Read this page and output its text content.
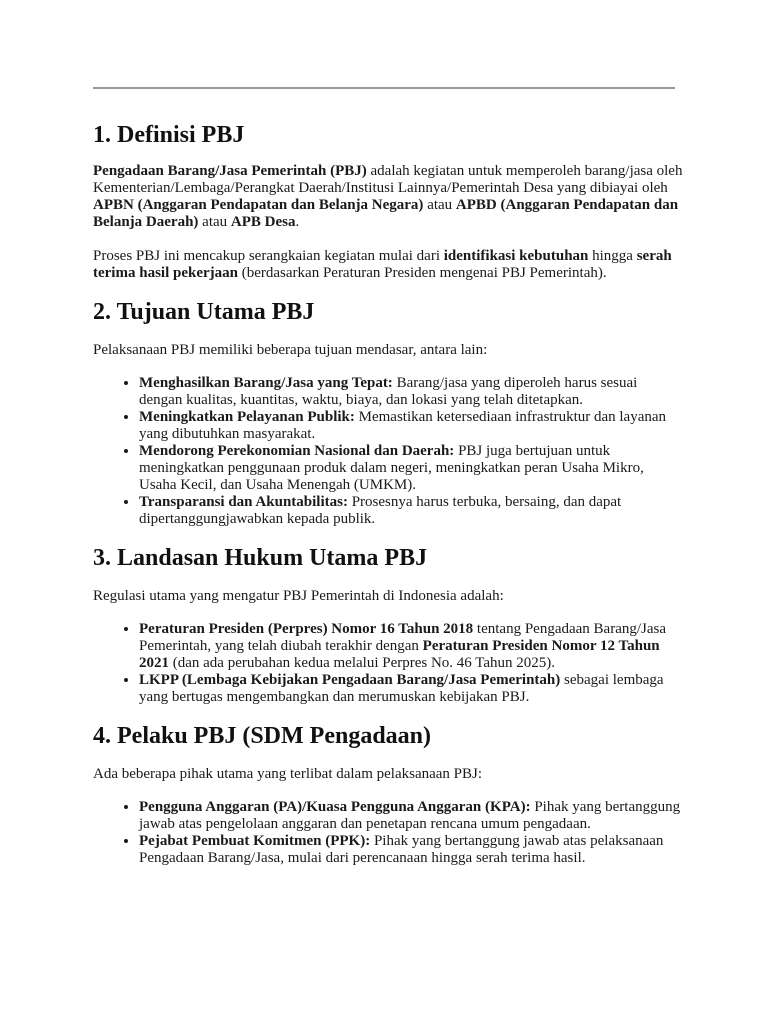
1. Definisi PBJ

Pengadaan Barang/Jasa Pemerintah (PBJ) adalah kegiatan untuk memperoleh barang/jasa oleh Kementerian/Lembaga/Perangkat Daerah/Institusi Lainnya/Pemerintah Desa yang dibiayai oleh APBN (Anggaran Pendapatan dan Belanja Negara) atau APBD (Anggaran Pendapatan dan Belanja Daerah) atau APB Desa.

Proses PBJ ini mencakup serangkaian kegiatan mulai dari identifikasi kebutuhan hingga serah terima hasil pekerjaan (berdasarkan Peraturan Presiden mengenai PBJ Pemerintah).

2. Tujuan Utama PBJ

Pelaksanaan PBJ memiliki beberapa tujuan mendasar, antara lain:

• Menghasilkan Barang/Jasa yang Tepat: Barang/jasa yang diperoleh harus sesuai dengan kualitas, kuantitas, waktu, biaya, dan lokasi yang telah ditetapkan.
• Meningkatkan Pelayanan Publik: Memastikan ketersediaan infrastruktur dan layanan yang dibutuhkan masyarakat.
• Mendorong Perekonomian Nasional dan Daerah: PBJ juga bertujuan untuk meningkatkan penggunaan produk dalam negeri, meningkatkan peran Usaha Mikro, Usaha Kecil, dan Usaha Menengah (UMKM).
• Transparansi dan Akuntabilitas: Prosesnya harus terbuka, bersaing, dan dapat dipertanggungjawabkan kepada publik.
3. Landasan Hukum Utama PBJ

Regulasi utama yang mengatur PBJ Pemerintah di Indonesia adalah:

• Peraturan Presiden (Perpres) Nomor 16 Tahun 2018 tentang Pengadaan Barang/Jasa Pemerintah, yang telah diubah terakhir dengan Peraturan Presiden Nomor 12 Tahun 2021 (dan ada perubahan kedua melalui Perpres No. 46 Tahun 2025).
• LKPP (Lembaga Kebijakan Pengadaan Barang/Jasa Pemerintah) sebagai lembaga yang bertugas mengembangkan dan merumuskan kebijakan PBJ.
4. Pelaku PBJ (SDM Pengadaan)

Ada beberapa pihak utama yang terlibat dalam pelaksanaan PBJ:

• Pengguna Anggaran (PA)/Kuasa Pengguna Anggaran (KPA): Pihak yang bertanggung jawab atas pengelolaan anggaran dan penetapan rencana umum pengadaan.
• Pejabat Pembuat Komitmen (PPK): Pihak yang bertanggung jawab atas pelaksanaan Pengadaan Barang/Jasa, mulai dari perencanaan hingga serah terima hasil.
